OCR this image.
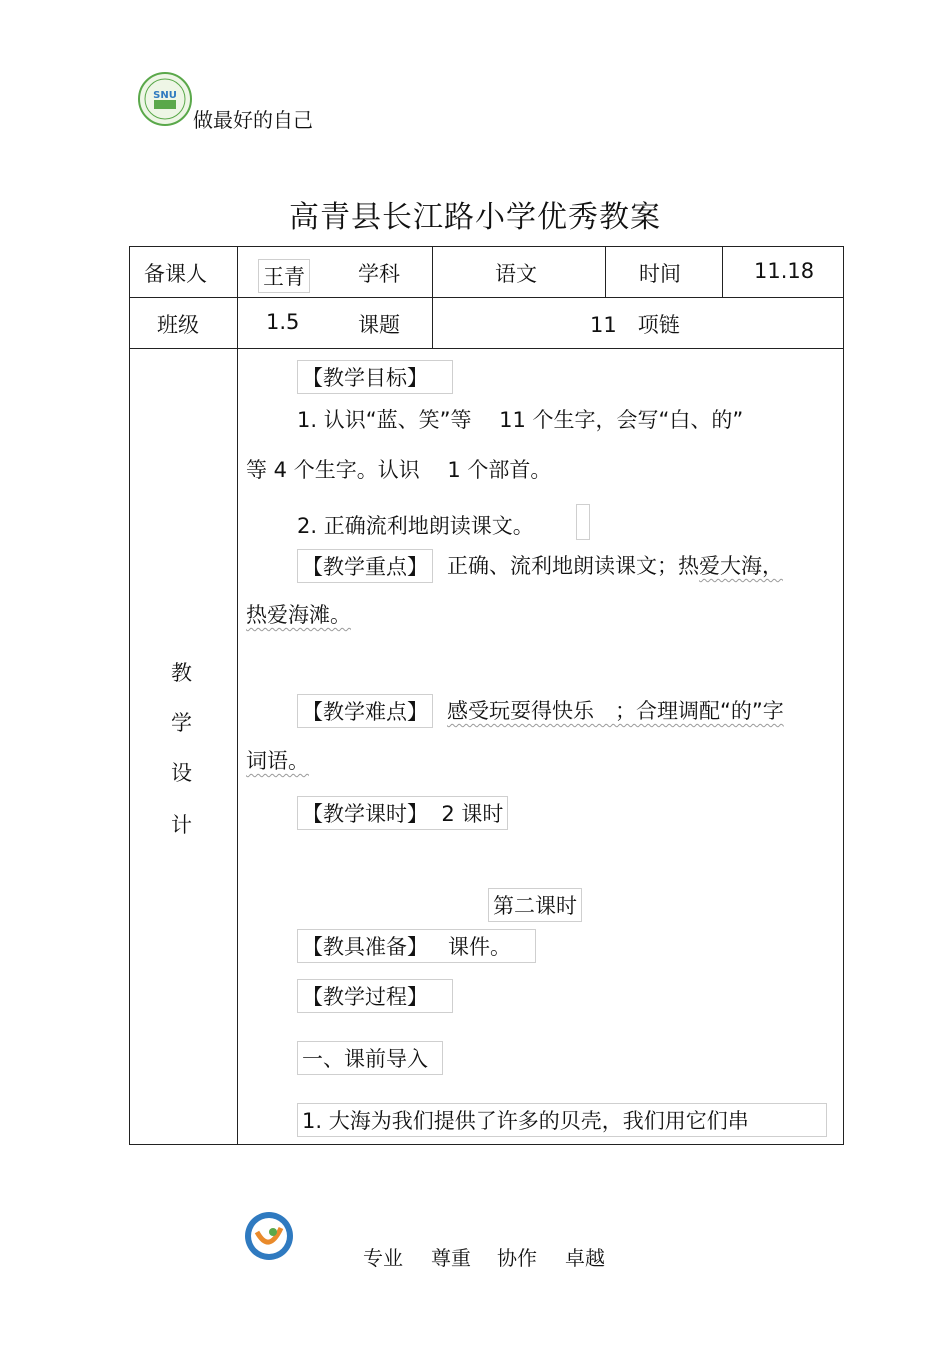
SNU
做最好的自己
高青县长江路小学优秀教案
备课人	王青	学科	语文	时间	11.18
班级	1.5	课题	11　项链
教
学
设
计
【教学目标】
1. 认识“蓝、笑”等　 11 个生字，会写“白、的”
等 4 个生字。认识　 1 个部首。
2. 正确流利地朗读课文。
【教学重点】 正确、流利地朗读课文；热爱大海，
热爱海滩。
【教学难点】 感受玩耍得快乐　；合理调配“的”字
词语。
【教学课时】 2 课时
第二课时
【教具准备】 课件。
【教学过程】
一、课前导入
1. 大海为我们提供了许多的贝壳，我们用它们串
专业 尊重 协作 卓越
